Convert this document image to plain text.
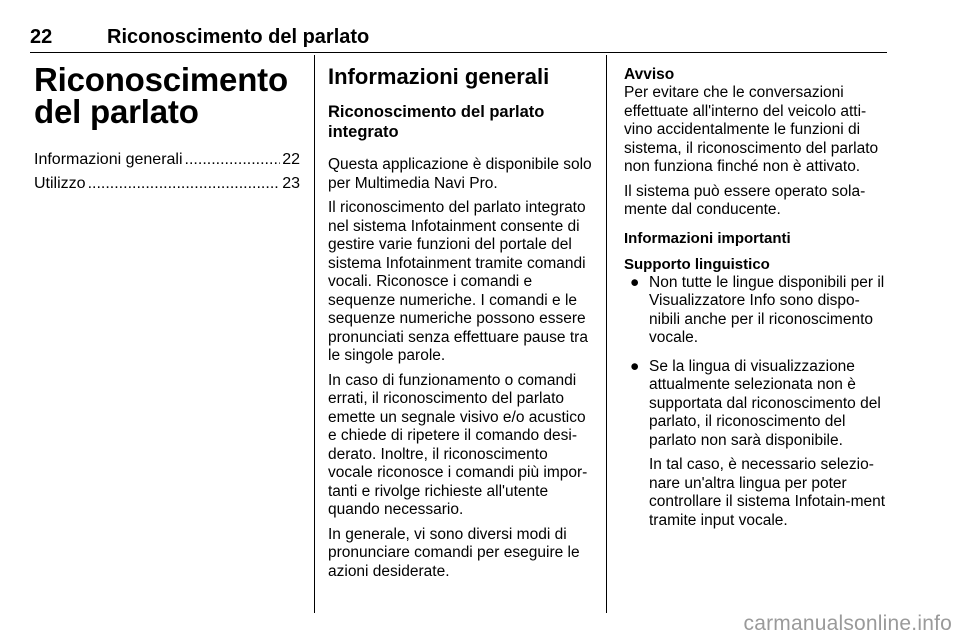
22	Riconoscimento del parlato
Riconoscimento del parlato
Informazioni generali .....	22
Utilizzo .....	23
Informazioni generali
Riconoscimento del parlato integrato

Questa applicazione è disponibile solo per Multimedia Navi Pro.

Il riconoscimento del parlato integrato nel sistema Infotainment consente di gestire varie funzioni del portale del sistema Infotainment tramite comandi vocali. Riconosce i comandi e sequenze numeriche. I comandi e le sequenze numeriche possono essere pronunciati senza effettuare pause tra le singole parole.

In caso di funzionamento o comandi errati, il riconoscimento del parlato emette un segnale visivo e/o acustico e chiede di ripetere il comando desi‐derato. Inoltre, il riconoscimento vocale riconosce i comandi più impor‐tanti e rivolge richieste all'utente quando necessario.

In generale, vi sono diversi modi di pronunciare comandi per eseguire le azioni desiderate.

Avviso

Per evitare che le conversazioni effettuate all'interno del veicolo atti‐vino accidentalmente le funzioni di sistema, il riconoscimento del parlato non funziona finché non è attivato.

Il sistema può essere operato sola‐mente dal conducente.

Informazioni importanti
Supporto linguistico
● Non tutte le lingue disponibili per il Visualizzatore Info sono dispo‐nibili anche per il riconoscimento vocale.

● Se la lingua di visualizzazione attualmente selezionata non è supportata dal riconoscimento del parlato, il riconoscimento del parlato non sarà disponibile.

In tal caso, è necessario selezio‐nare un'altra lingua per poter controllare il sistema Infotain‐ment tramite input vocale.

carmanualsonline.info
